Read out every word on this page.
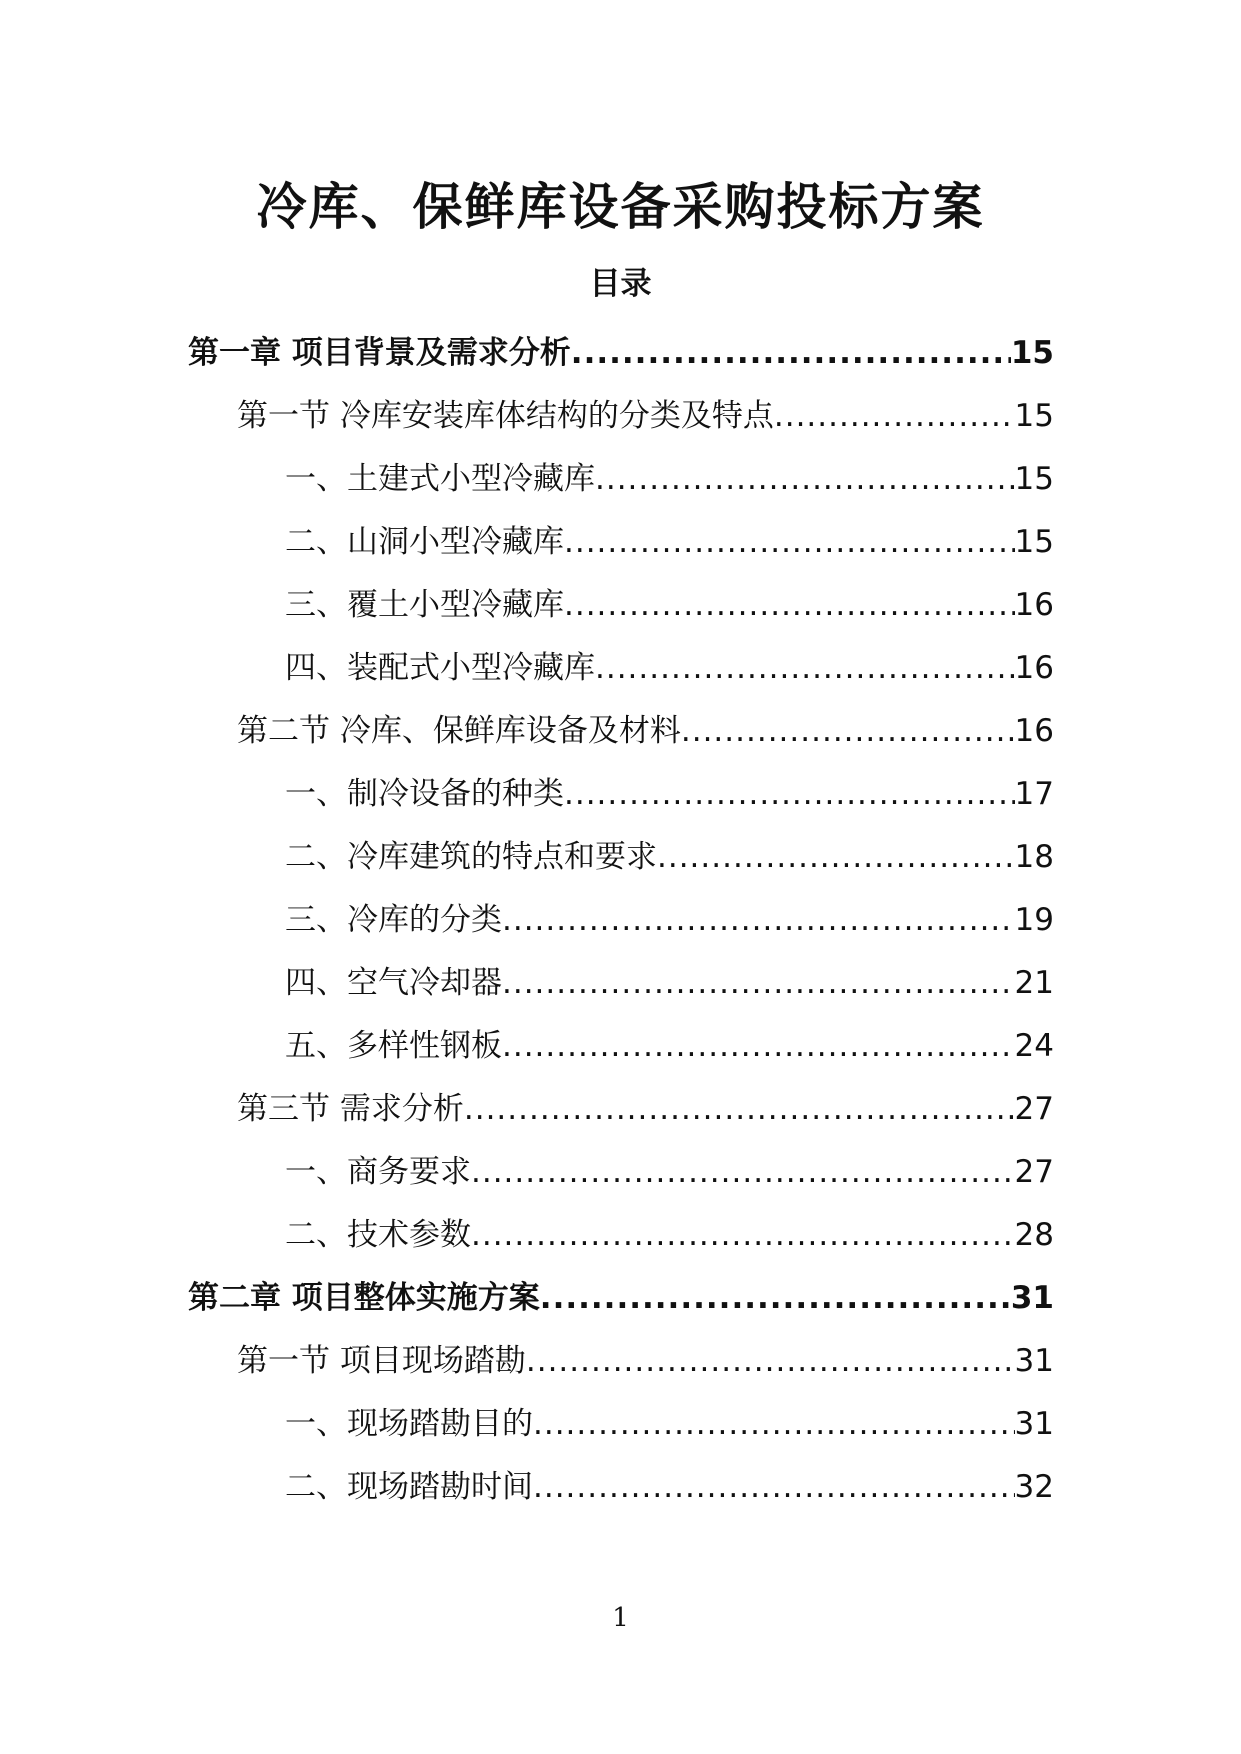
冷库、保鲜库设备采购投标方案
目录
第一章 项目背景及需求分析 .....	15
第一节 冷库安装库体结构的分类及特点 .....	15
一、土建式小型冷藏库 .....	15
二、山洞小型冷藏库 .....	15
三、覆土小型冷藏库 .....	16
四、装配式小型冷藏库 .....	16
第二节 冷库、保鲜库设备及材料 .....	16
一、制冷设备的种类 .....	17
二、冷库建筑的特点和要求 .....	18
三、冷库的分类 .....	19
四、空气冷却器 .....	21
五、多样性钢板 .....	24
第三节 需求分析 .....	27
一、商务要求 .....	27
二、技术参数 .....	28
第二章 项目整体实施方案 .....	31
第一节 项目现场踏勘 .....	31
一、现场踏勘目的 .....	31
二、现场踏勘时间 .....	32
1
